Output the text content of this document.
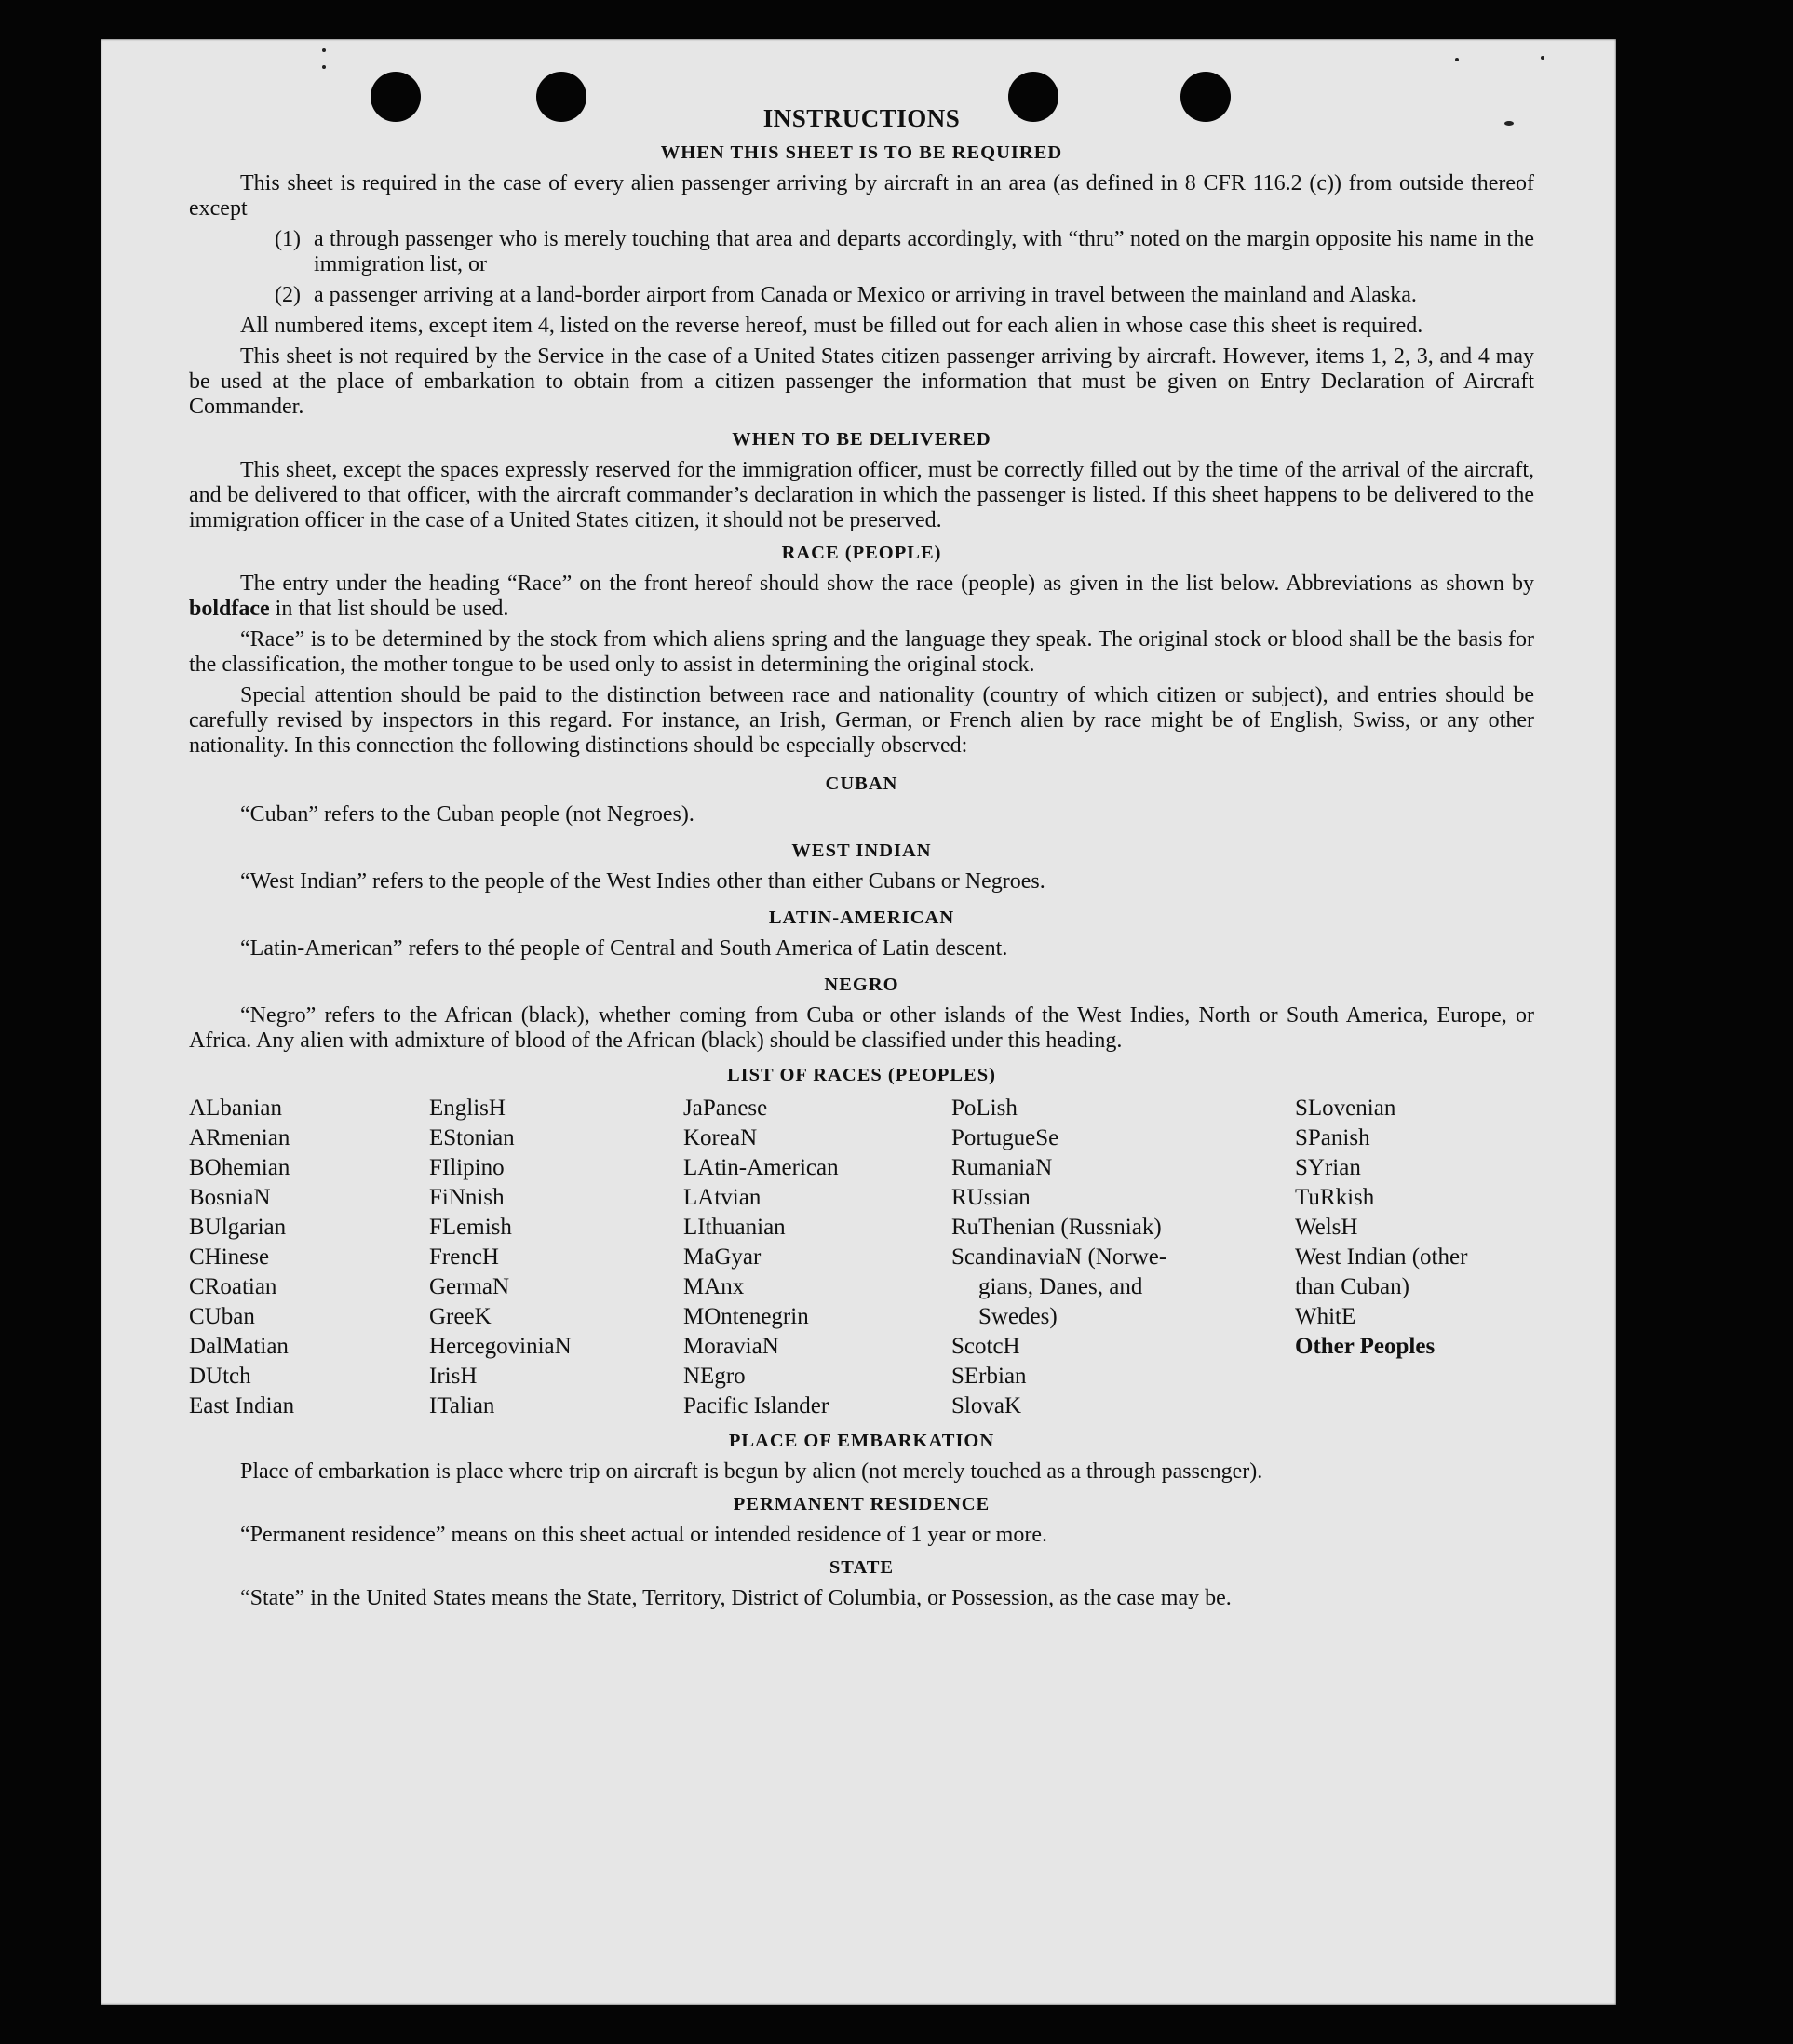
INSTRUCTIONS
WHEN THIS SHEET IS TO BE REQUIRED

This sheet is required in the case of every alien passenger arriving by aircraft in an area (as defined in 8 CFR 116.2 (c)) from outside thereof except

(1) a through passenger who is merely touching that area and departs accordingly, with “thru” noted on the margin opposite his name in the immigration list, or
(2) a passenger arriving at a land-border airport from Canada or Mexico or arriving in travel between the mainland and Alaska.

All numbered items, except item 4, listed on the reverse hereof, must be filled out for each alien in whose case this sheet is required.

This sheet is not required by the Service in the case of a United States citizen passenger arriving by aircraft. However, items 1, 2, 3, and 4 may be used at the place of embarkation to obtain from a citizen passenger the information that must be given on Entry Declaration of Aircraft Commander.

WHEN TO BE DELIVERED

This sheet, except the spaces expressly reserved for the immigration officer, must be correctly filled out by the time of the arrival of the aircraft, and be delivered to that officer, with the aircraft commander’s declaration in which the passenger is listed. If this sheet happens to be delivered to the immigration officer in the case of a United States citizen, it should not be preserved.

RACE (PEOPLE)

The entry under the heading “Race” on the front hereof should show the race (people) as given in the list below. Abbreviations as shown by boldface in that list should be used.

“Race” is to be determined by the stock from which aliens spring and the language they speak. The original stock or blood shall be the basis for the classification, the mother tongue to be used only to assist in determining the original stock.

Special attention should be paid to the distinction between race and nationality (country of which citizen or subject), and entries should be carefully revised by inspectors in this regard. For instance, an Irish, German, or French alien by race might be of English, Swiss, or any other nationality. In this connection the following distinctions should be especially observed:

CUBAN

“Cuban” refers to the Cuban people (not Negroes).

WEST INDIAN

“West Indian” refers to the people of the West Indies other than either Cubans or Negroes.

LATIN-AMERICAN

“Latin-American” refers to thé people of Central and South America of Latin descent.

NEGRO

“Negro” refers to the African (black), whether coming from Cuba or other islands of the West Indies, North or South America, Europe, or Africa. Any alien with admixture of blood of the African (black) should be classified under this heading.

LIST OF RACES (PEOPLES)
ALbanian
ARmenian
BOhemian
BosniaN
BUlgarian
CHinese
CRoatian
CUban
DalMatian
DUtch
East Indian
EnglisH
EStonian
FIlipino
FiNnish
FLemish
FrencH
GermaN
GreeK
HercegoviniaN
IrisH
ITalian
JaPanese
KoreaN
LAtin-American
LAtvian
LIthuanian
MaGyar
MAnx
MOntenegrin
MoraviaN
NEgro
Pacific Islander
PoLish
PortugueSe
RumaniaN
RUssian
RuThenian (Russniak)
ScandinaviaN (Norwe-
gians, Danes, and
Swedes)
ScotcH
SErbian
SlovaK
SLovenian
SPanish
SYrian
TuRkish
WelsH
West Indian (other
than Cuban)
WhitE
Other Peoples
PLACE OF EMBARKATION

Place of embarkation is place where trip on aircraft is begun by alien (not merely touched as a through passenger).

PERMANENT RESIDENCE

“Permanent residence” means on this sheet actual or intended residence of 1 year or more.

STATE

“State” in the United States means the State, Territory, District of Columbia, or Possession, as the case may be.
